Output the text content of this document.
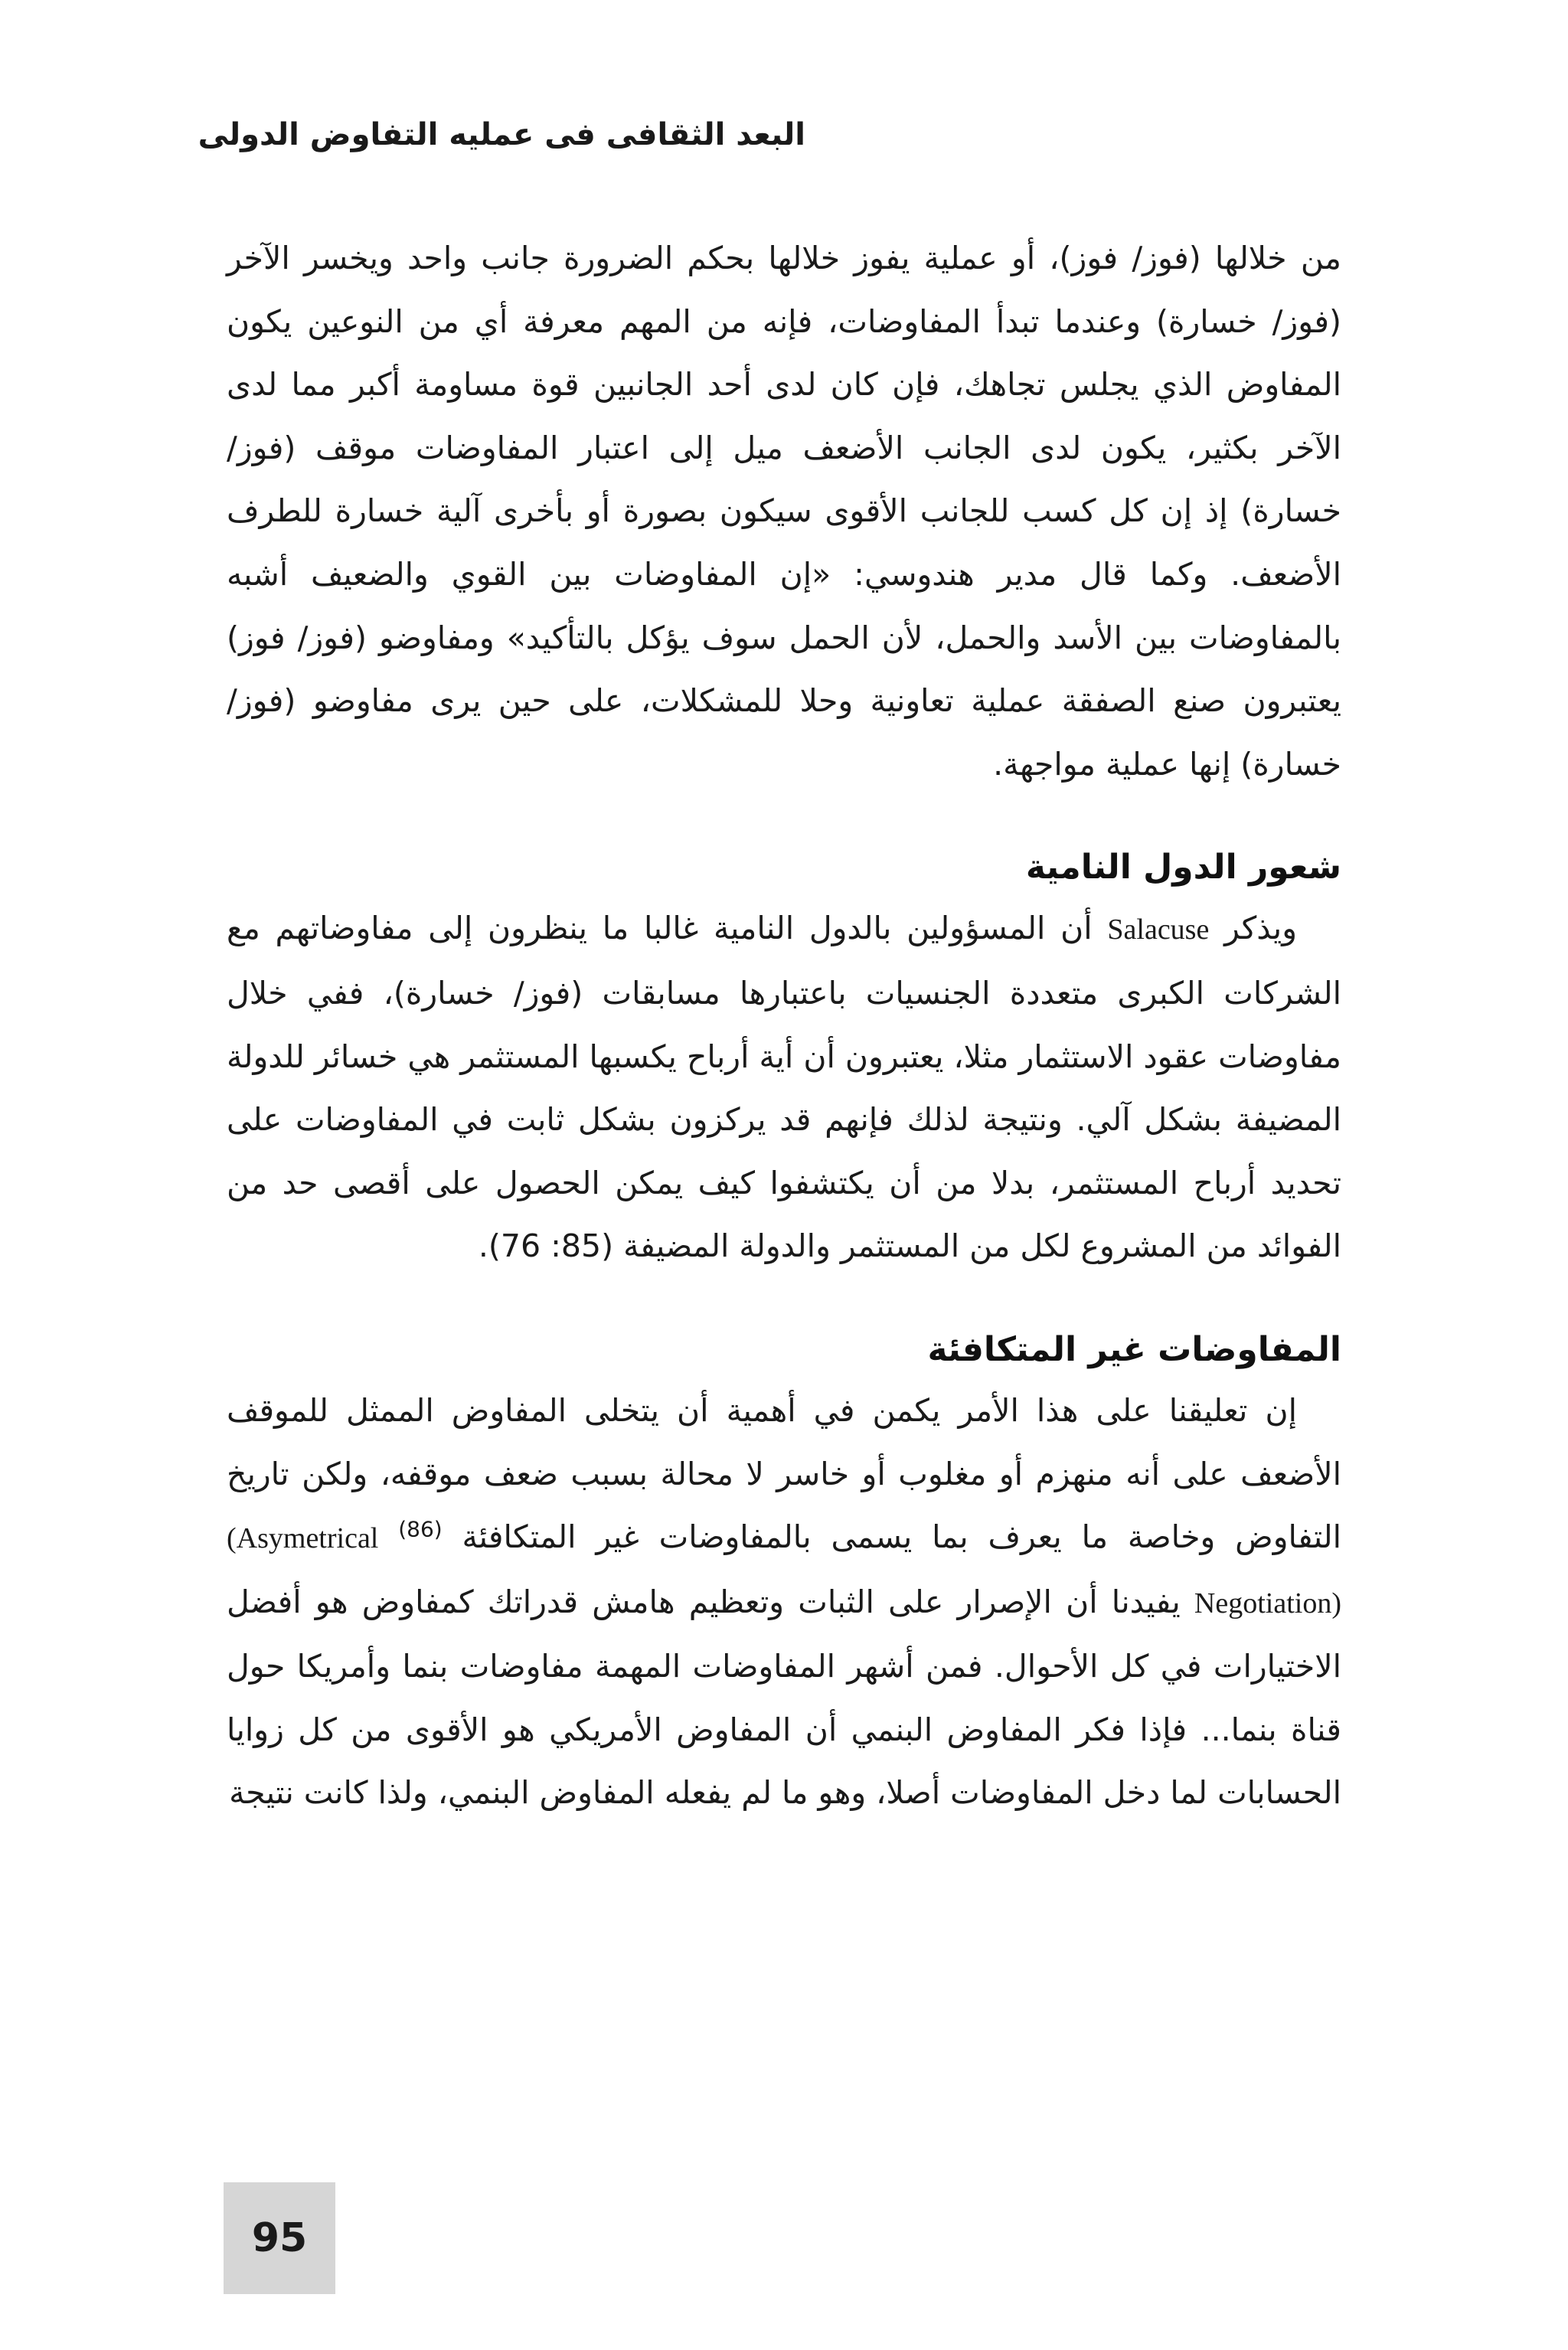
البعد الثقافى فى عمليه التفاوض الدولى

من خلالها (فوز/ فوز)، أو عملية يفوز خلالها بحكم الضرورة جانب واحد ويخسر الآخر (فوز/ خسارة) وعندما تبدأ المفاوضات، فإنه من المهم معرفة أي من النوعين يكون المفاوض الذي يجلس تجاهك، فإن كان لدى أحد الجانبين قوة مساومة أكبر مما لدى الآخر بكثير، يكون لدى الجانب الأضعف ميل إلى اعتبار المفاوضات موقف (فوز/ خسارة) إذ إن كل كسب للجانب الأقوى سيكون بصورة أو بأخرى آلية خسارة للطرف الأضعف. وكما قال مدير هندوسي: «إن المفاوضات بين القوي والضعيف أشبه بالمفاوضات بين الأسد والحمل، لأن الحمل سوف يؤكل بالتأكيد» ومفاوضو (فوز/ فوز) يعتبرون صنع الصفقة عملية تعاونية وحلا للمشكلات، على حين يرى مفاوضو (فوز/ خسارة) إنها عملية مواجهة.

شعور الدول النامية

ويذكر Salacuse أن المسؤولين بالدول النامية غالبا ما ينظرون إلى مفاوضاتهم مع الشركات الكبرى متعددة الجنسيات باعتبارها مسابقات (فوز/ خسارة)، ففي خلال مفاوضات عقود الاستثمار مثلا، يعتبرون أن أية أرباح يكسبها المستثمر هي خسائر للدولة المضيفة بشكل آلي. ونتيجة لذلك فإنهم قد يركزون بشكل ثابت في المفاوضات على تحديد أرباح المستثمر، بدلا من أن يكتشفوا كيف يمكن الحصول على أقصى حد من الفوائد من المشروع لكل من المستثمر والدولة المضيفة (85: 76).

المفاوضات غير المتكافئة

إن تعليقنا على هذا الأمر يكمن في أهمية أن يتخلى المفاوض الممثل للموقف الأضعف على أنه منهزم أو مغلوب أو خاسر لا محالة بسبب ضعف موقفه، ولكن تاريخ التفاوض وخاصة ما يعرف بما يسمى بالمفاوضات غير المتكافئة $^{(86)}$ (Asymetrical Negotiation) يفيدنا أن الإصرار على الثبات وتعظيم هامش قدراتك كمفاوض هو أفضل الاختيارات في كل الأحوال. فمن أشهر المفاوضات المهمة مفاوضات بنما وأمريكا حول قناة بنما... فإذا فكر المفاوض البنمي أن المفاوض الأمريكي هو الأقوى من كل زوايا الحسابات لما دخل المفاوضات أصلا، وهو ما لم يفعله المفاوض البنمي، ولذا كانت نتيجة

95
